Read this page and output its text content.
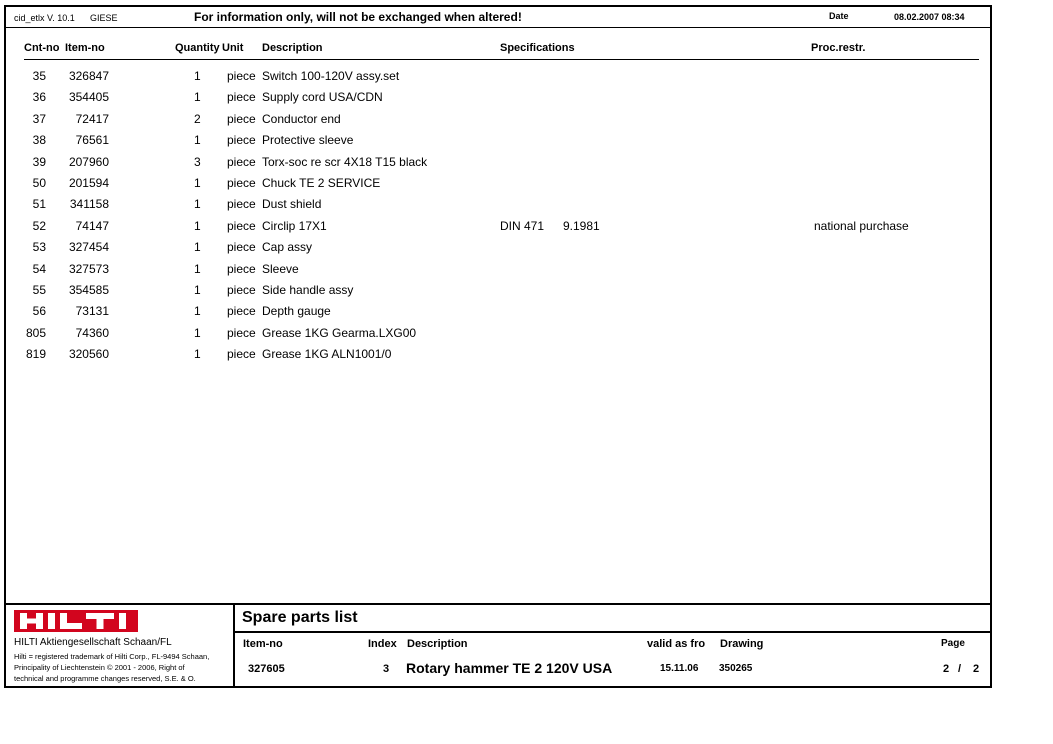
cid_etlx V. 10.1 GIESE	For information only, will not be exchanged when altered!	Date	08.02.2007 08:34
Cnt-no Item-no	Quantity Unit Description	Specifications	Proc.restr.
35	326847	1 piece Switch 100-120V assy.set
36	354405	1 piece Supply cord USA/CDN
37	72417	2 piece Conductor end
38	76561	1 piece Protective sleeve
39	207960	3 piece Torx-soc re scr 4X18 T15 black
50	201594	1 piece Chuck TE 2 SERVICE
51	341158	1 piece Dust shield
52	74147	1 piece Circlip 17X1	DIN 471 9.1981	national purchase
53	327454	1 piece Cap assy
54	327573	1 piece Sleeve
55	354585	1 piece Side handle assy
56	73131	1 piece Depth gauge
805	74360	1 piece Grease 1KG Gearma.LXG00
819	320560	1 piece Grease 1KG ALN1001/0
HILTI Aktiengesellschaft Schaan/FL
Hilti = registered trademark of Hilti Corp., FL-9494 Schaan,
Principality of Liechtenstein © 2001 - 2006, Right of
technical and programme changes reserved, S.E. & O.
Spare parts list
Item-no	Index Description	valid as fro Drawing	Page
327605	3 Rotary hammer TE 2 120V USA	15.11.06 350265	2 / 2
